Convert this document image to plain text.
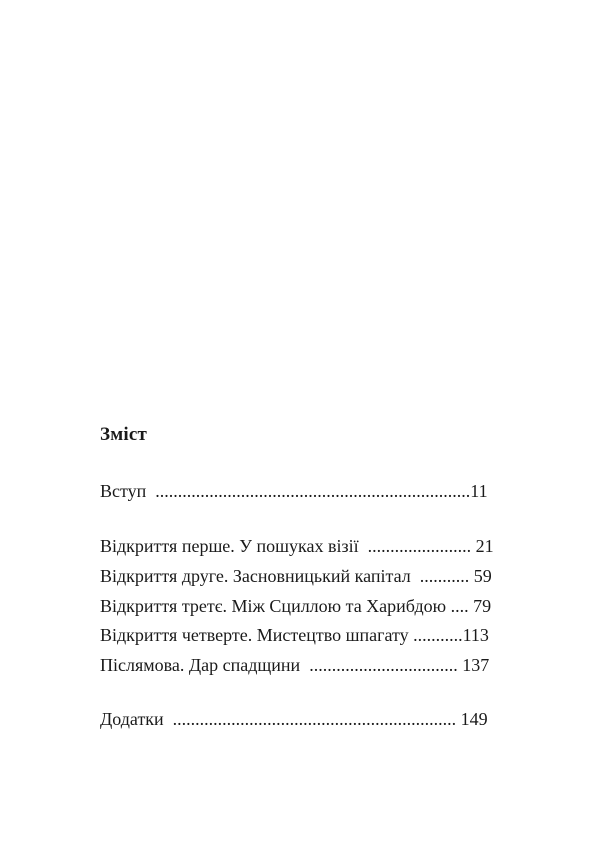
Зміст
Вступ  ......................................................................11
Відкриття перше. У пошуках візії  ....................... 21
Відкриття друге. Засновницький капітал  ........... 59
Відкриття третє. Між Сциллою та Харибдою .... 79
Відкриття четверте. Мистецтво шпагату ...........113
Післямова. Дар спадщини  ................................. 137
Додатки  ............................................................... 149
